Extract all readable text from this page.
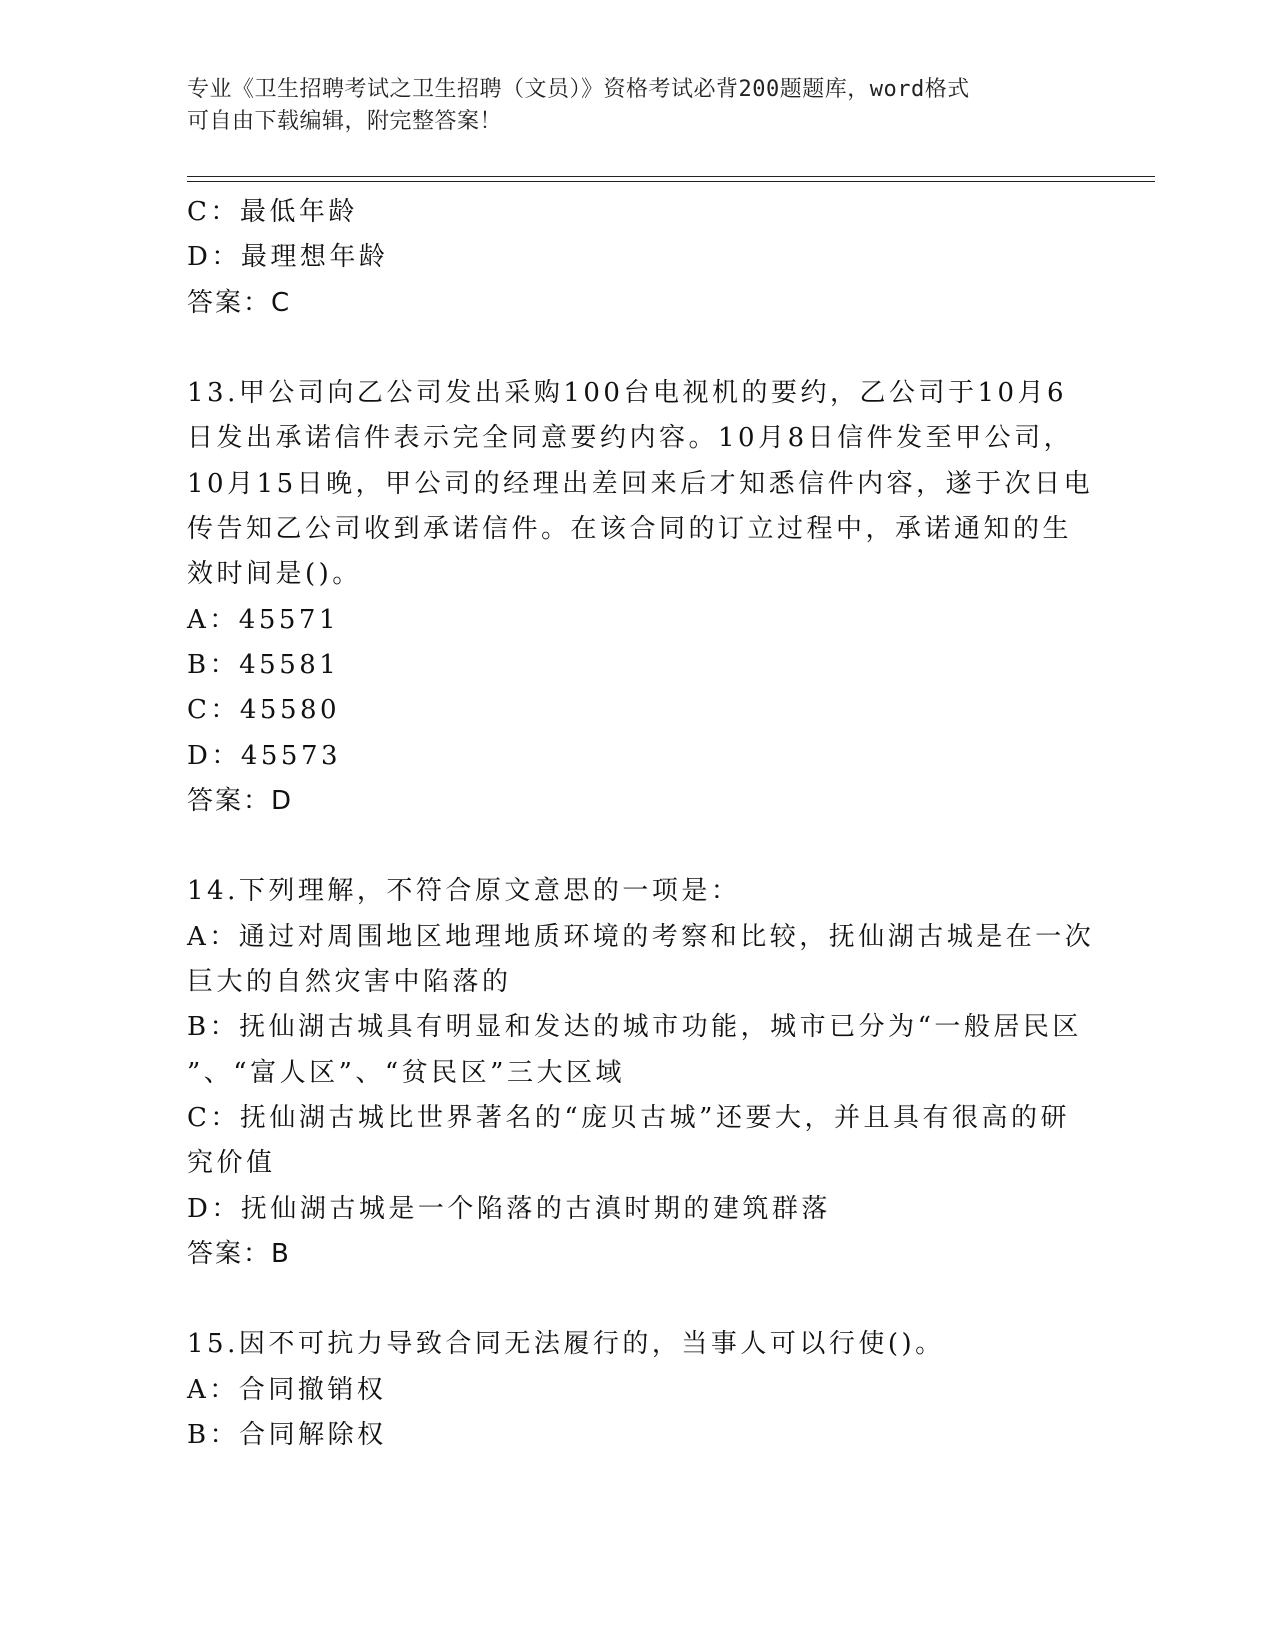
专业《卫生招聘考试之卫生招聘（文员）》资格考试必背200题题库，word格式
可自由下载编辑，附完整答案！
C：最低年龄
D：最理想年龄
答案：C
13.甲公司向乙公司发出采购100台电视机的要约，乙公司于10月6
日发出承诺信件表示完全同意要约内容。10月8日信件发至甲公司，
10月15日晚，甲公司的经理出差回来后才知悉信件内容，遂于次日电
传告知乙公司收到承诺信件。在该合同的订立过程中，承诺通知的生
效时间是()。
A：45571
B：45581
C：45580
D：45573
答案：D
14.下列理解，不符合原文意思的一项是：
A：通过对周围地区地理地质环境的考察和比较，抚仙湖古城是在一次
巨大的自然灾害中陷落的
B：抚仙湖古城具有明显和发达的城市功能，城市已分为“一般居民区
”、“富人区”、“贫民区”三大区域
C：抚仙湖古城比世界著名的“庞贝古城”还要大，并且具有很高的研
究价值
D：抚仙湖古城是一个陷落的古滇时期的建筑群落
答案：B
15.因不可抗力导致合同无法履行的，当事人可以行使()。
A：合同撤销权
B：合同解除权
